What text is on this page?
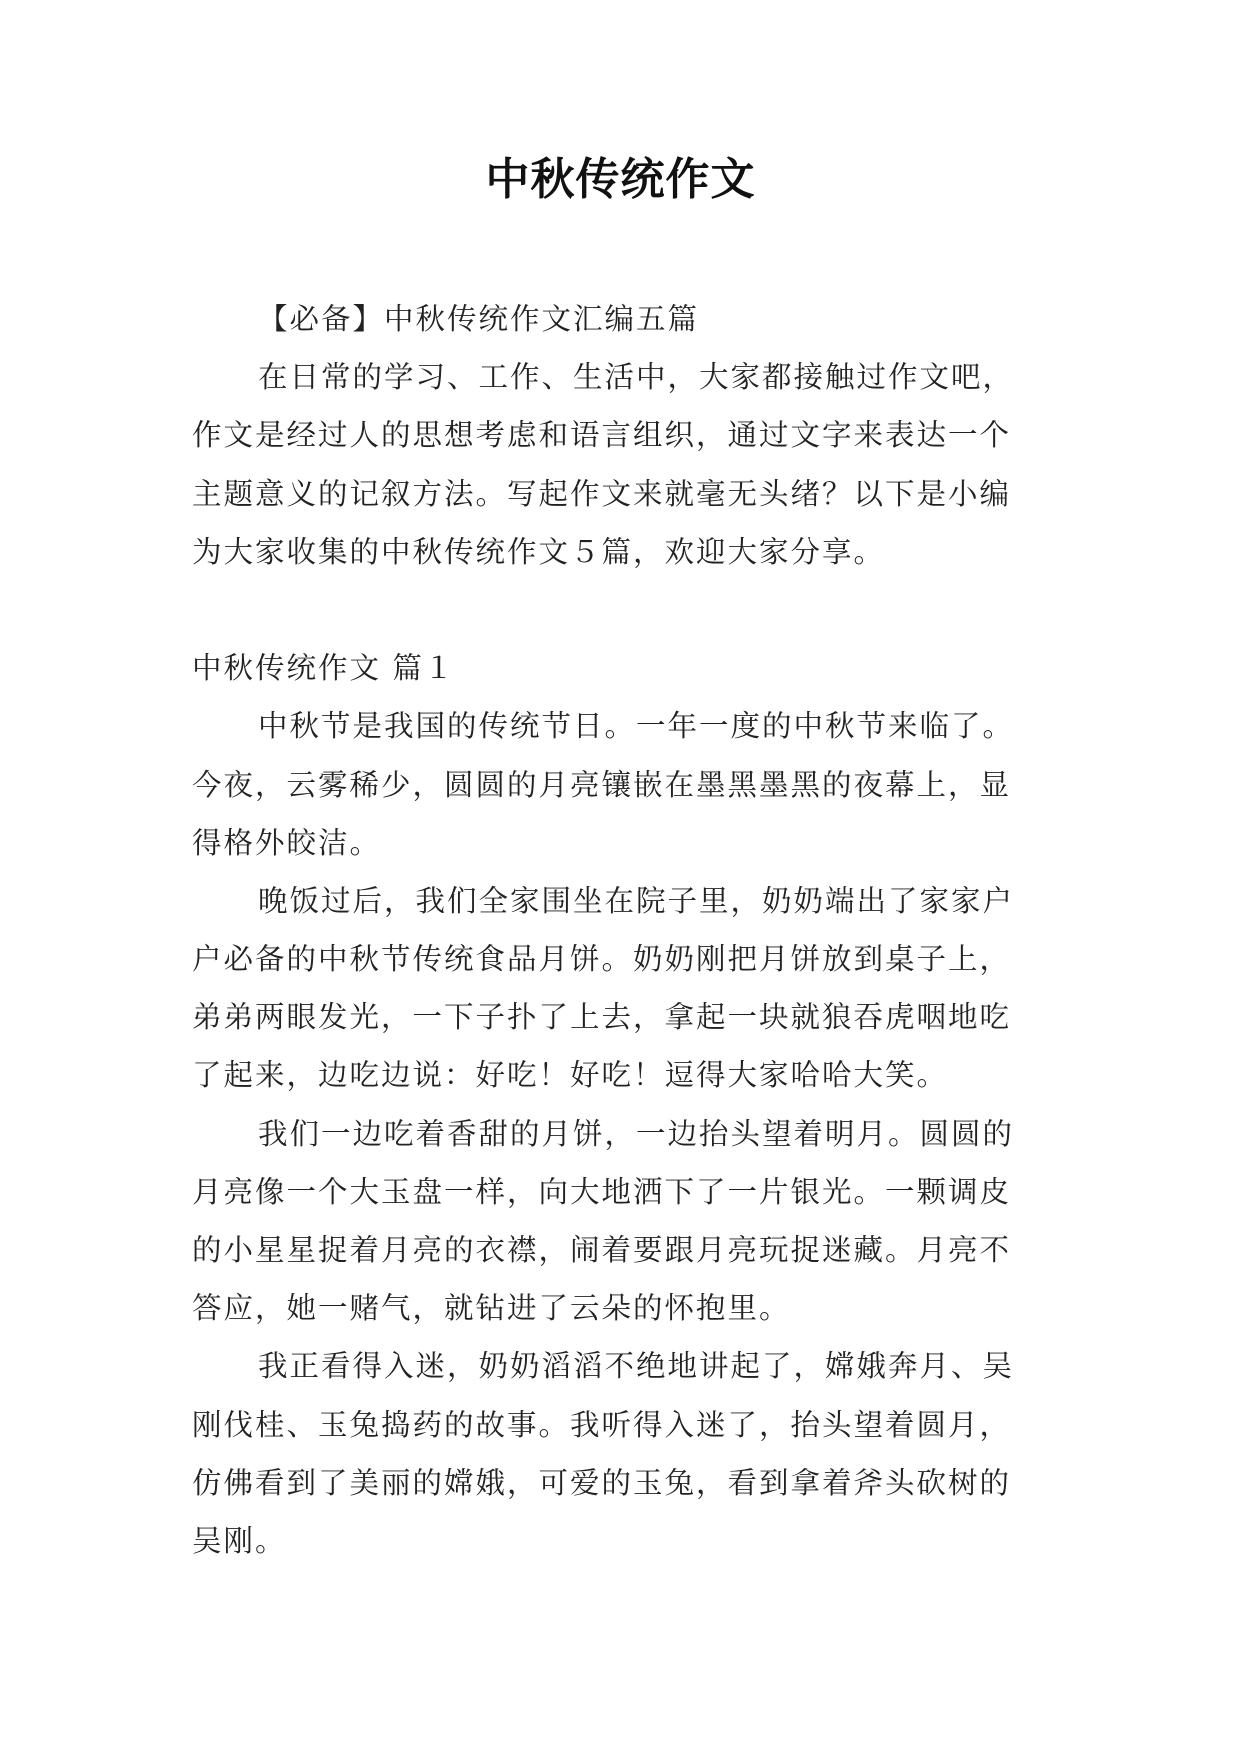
中秋传统作文
【必备】中秋传统作文汇编五篇
在日常的学习、工作、生活中，大家都接触过作文吧，
作文是经过人的思想考虑和语言组织，通过文字来表达一个
主题意义的记叙方法。写起作文来就毫无头绪？以下是小编
为大家收集的中秋传统作文５篇，欢迎大家分享。
中秋传统作文 篇１
中秋节是我国的传统节日。一年一度的中秋节来临了。
今夜，云雾稀少，圆圆的月亮镶嵌在墨黑墨黑的夜幕上，显
得格外皎洁。
晚饭过后，我们全家围坐在院子里，奶奶端出了家家户
户必备的中秋节传统食品月饼。奶奶刚把月饼放到桌子上，
弟弟两眼发光，一下子扑了上去，拿起一块就狼吞虎咽地吃
了起来，边吃边说：好吃！好吃！逗得大家哈哈大笑。
我们一边吃着香甜的月饼，一边抬头望着明月。圆圆的
月亮像一个大玉盘一样，向大地洒下了一片银光。一颗调皮
的小星星捉着月亮的衣襟，闹着要跟月亮玩捉迷藏。月亮不
答应，她一赌气，就钻进了云朵的怀抱里。
我正看得入迷，奶奶滔滔不绝地讲起了，嫦娥奔月、吴
刚伐桂、玉兔捣药的故事。我听得入迷了，抬头望着圆月，
仿佛看到了美丽的嫦娥，可爱的玉兔，看到拿着斧头砍树的
吴刚。
